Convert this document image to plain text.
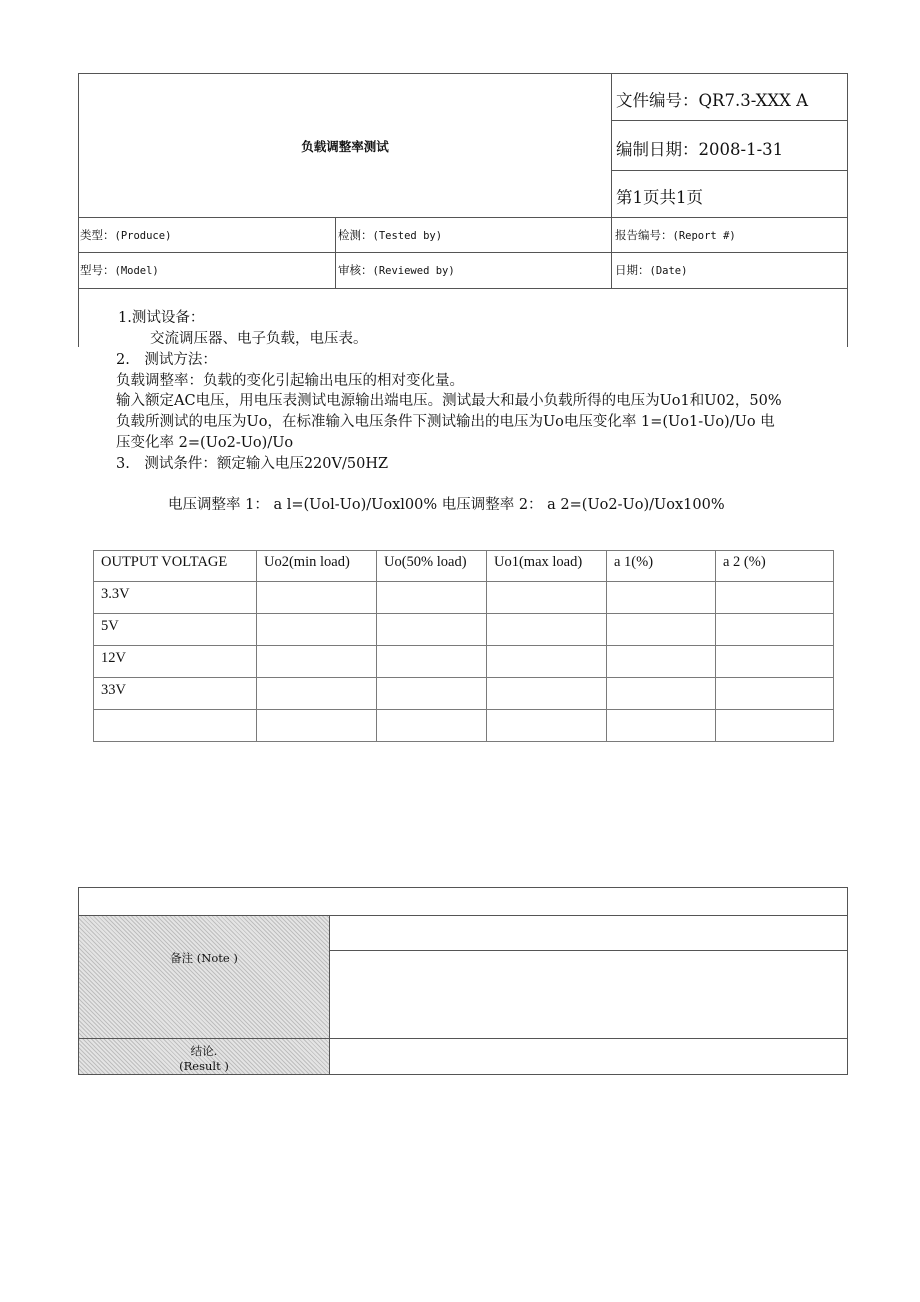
负载调整率测试
文件编号：QR7.3-XXX A
编制日期：2008-1-31
第1页共1页
类型：(Produce)	检测：(Tested by)	报告编号：(Report #)
型号：(Model)	审核：(Reviewed by)	日期：(Date)
1.测试设备：
交流调压器、电子负载，电压表。
2.　测试方法：
负载调整率：负载的变化引起输出电压的相对变化量。
输入额定AC电压，用电压表测试电源输出端电压。测试最大和最小负载所得的电压为Uo1和U02，50%
负载所测试的电压为Uo，在标准输入电压条件下测试输出的电压为Uo电压变化率 1=(Uo1-Uo)/Uo 电
压变化率 2=(Uo2-Uo)/Uo
3.　测试条件：额定输入电压220V/50HZ
电压调整率 1： a l=(Uol-Uo)/Uoxl00% 电压调整率 2： a 2=(Uo2-Uo)/Uox100%
OUTPUT VOLTAGE	Uo2(min load)	Uo(50% load)	Uo1(max load)	a 1(%)	a 2 (%)
3.3V					
5V					
12V					
33V					

备注 (Note )
结论.
(Result )
